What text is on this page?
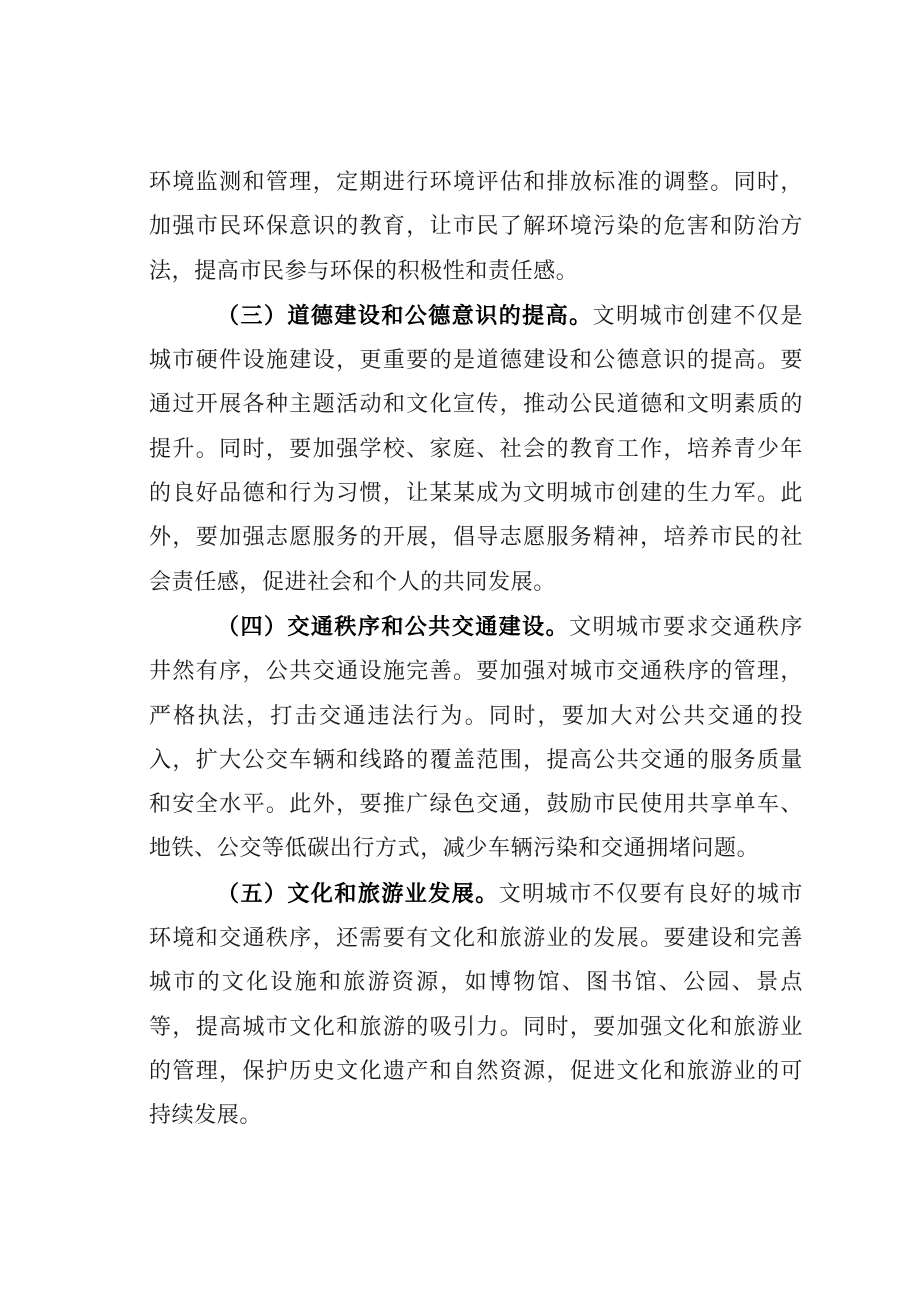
环境监测和管理，定期进行环境评估和排放标准的调整。同时，加强市民环保意识的教育，让市民了解环境污染的危害和防治方法，提高市民参与环保的积极性和责任感。

（三）道德建设和公德意识的提高。文明城市创建不仅是城市硬件设施建设，更重要的是道德建设和公德意识的提高。要通过开展各种主题活动和文化宣传，推动公民道德和文明素质的提升。同时，要加强学校、家庭、社会的教育工作，培养青少年的良好品德和行为习惯，让某某成为文明城市创建的生力军。此外，要加强志愿服务的开展，倡导志愿服务精神，培养市民的社会责任感，促进社会和个人的共同发展。

（四）交通秩序和公共交通建设。文明城市要求交通秩序井然有序，公共交通设施完善。要加强对城市交通秩序的管理，严格执法，打击交通违法行为。同时，要加大对公共交通的投入，扩大公交车辆和线路的覆盖范围，提高公共交通的服务质量和安全水平。此外，要推广绿色交通，鼓励市民使用共享单车、地铁、公交等低碳出行方式，减少车辆污染和交通拥堵问题。

（五）文化和旅游业发展。文明城市不仅要有良好的城市环境和交通秩序，还需要有文化和旅游业的发展。要建设和完善城市的文化设施和旅游资源，如博物馆、图书馆、公园、景点等，提高城市文化和旅游的吸引力。同时，要加强文化和旅游业的管理，保护历史文化遗产和自然资源，促进文化和旅游业的可持续发展。
